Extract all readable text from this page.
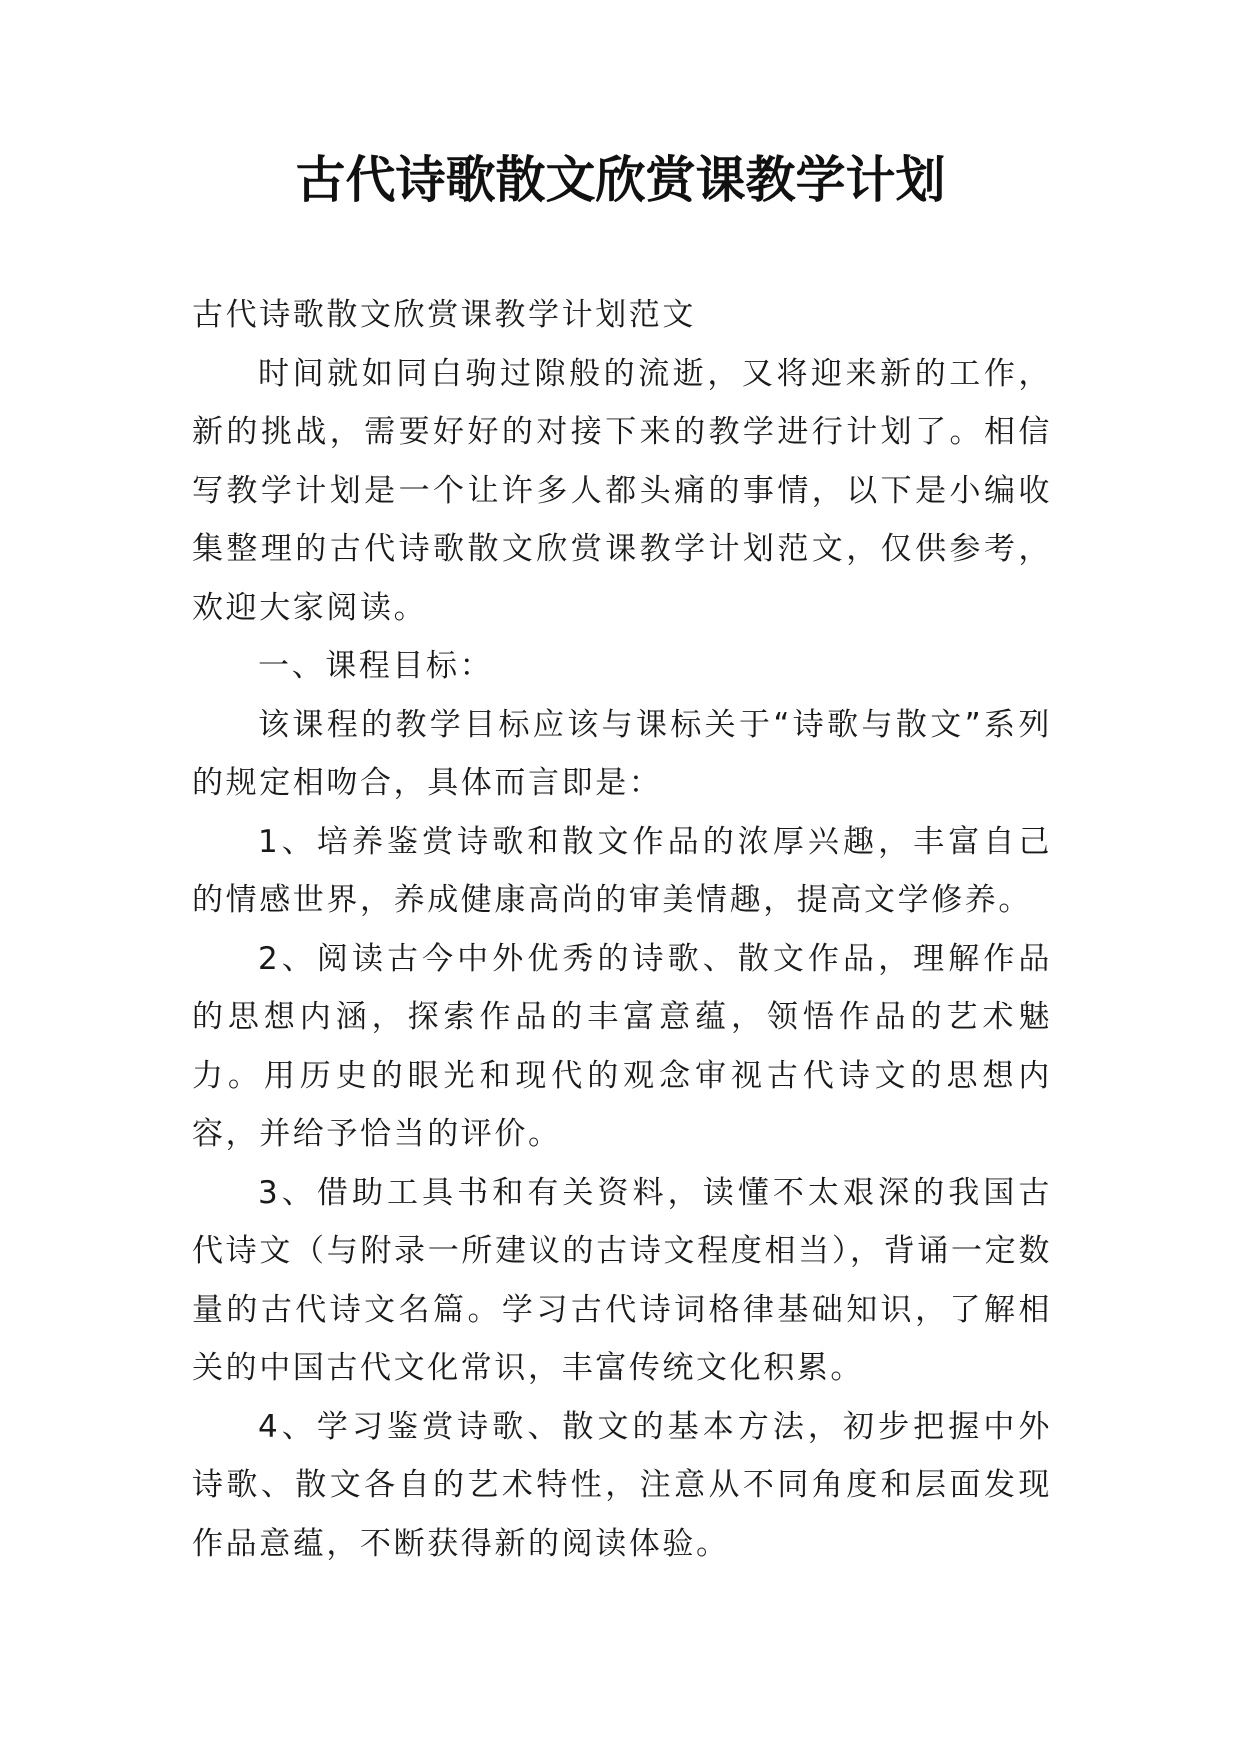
古代诗歌散文欣赏课教学计划

古代诗歌散文欣赏课教学计划范文

时间就如同白驹过隙般的流逝，又将迎来新的工作，新的挑战，需要好好的对接下来的教学进行计划了。相信写教学计划是一个让许多人都头痛的事情，以下是小编收集整理的古代诗歌散文欣赏课教学计划范文，仅供参考，欢迎大家阅读。

一、课程目标：

该课程的教学目标应该与课标关于“诗歌与散文”系列的规定相吻合，具体而言即是：

1、培养鉴赏诗歌和散文作品的浓厚兴趣，丰富自己的情感世界，养成健康高尚的审美情趣，提高文学修养。

2、阅读古今中外优秀的诗歌、散文作品，理解作品的思想内涵，探索作品的丰富意蕴，领悟作品的艺术魅力。用历史的眼光和现代的观念审视古代诗文的思想内容，并给予恰当的评价。

3、借助工具书和有关资料，读懂不太艰深的我国古代诗文（与附录一所建议的古诗文程度相当），背诵一定数量的古代诗文名篇。学习古代诗词格律基础知识，了解相关的中国古代文化常识，丰富传统文化积累。

4、学习鉴赏诗歌、散文的基本方法，初步把握中外诗歌、散文各自的艺术特性，注意从不同角度和层面发现作品意蕴，不断获得新的阅读体验。
